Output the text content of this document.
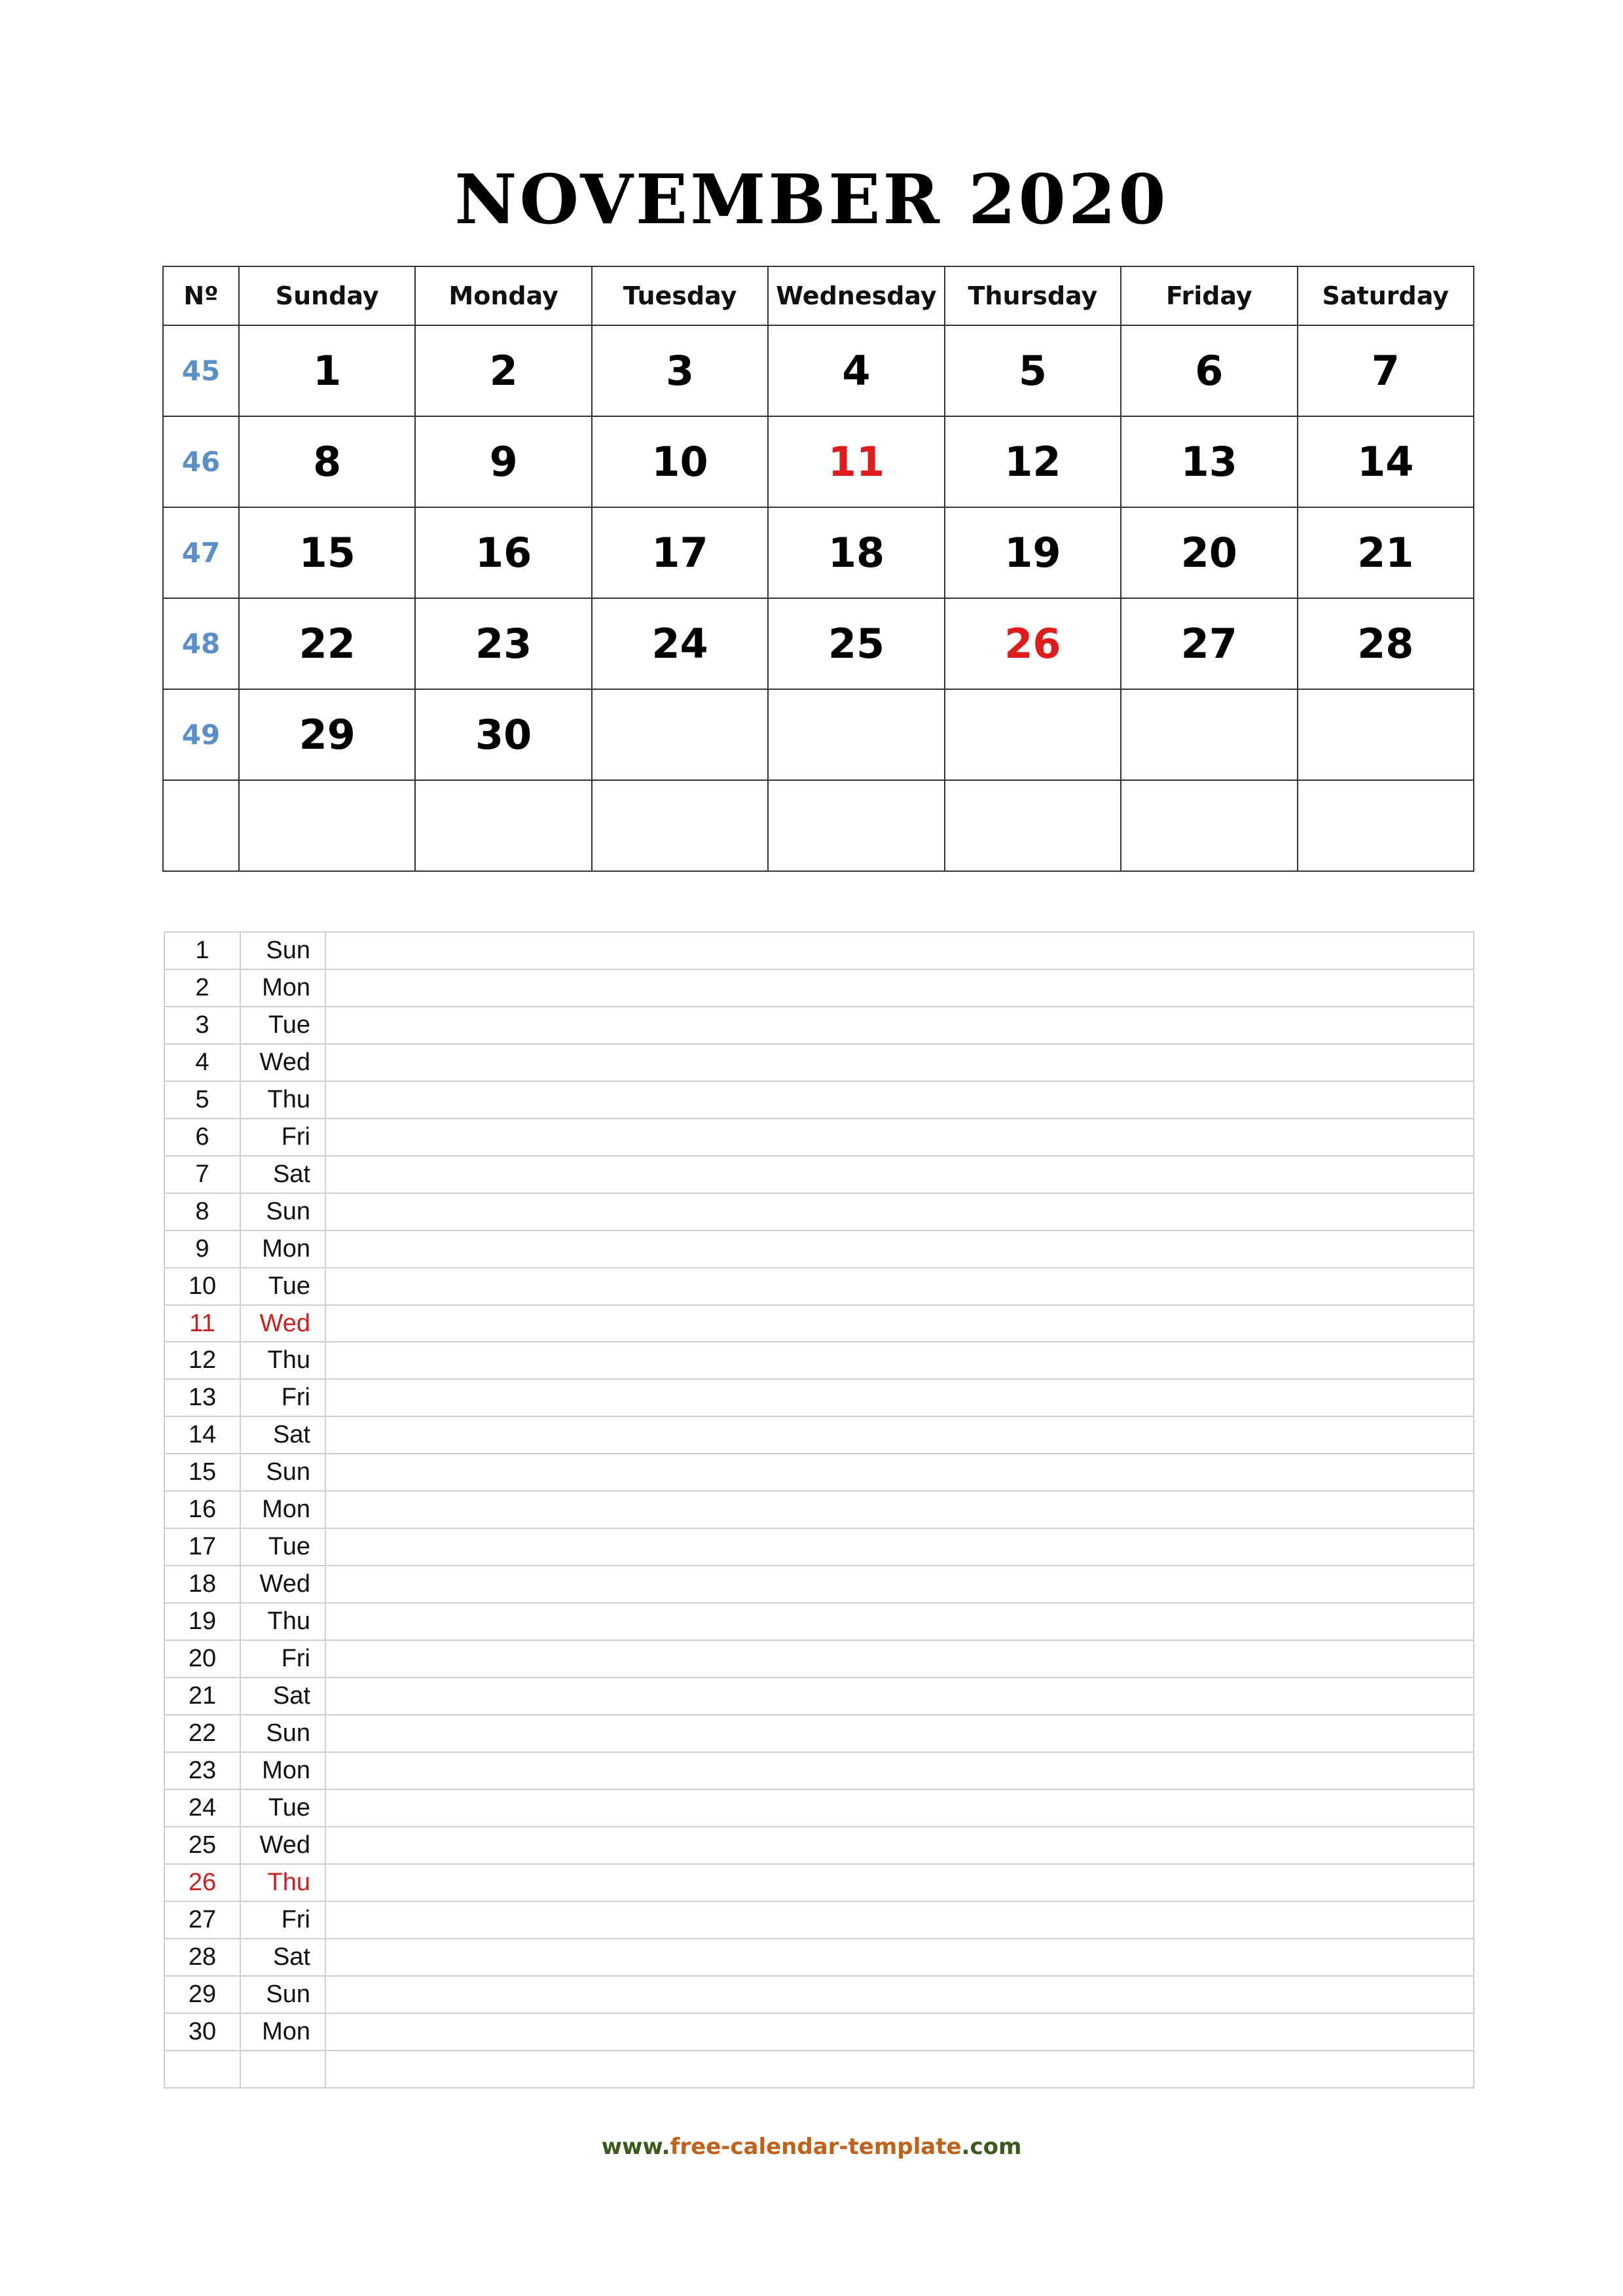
NOVEMBER 2020
Nº	Sunday	Monday	Tuesday	Wednesday	Thursday	Friday	Saturday
45	1	2	3	4	5	6	7
46	8	9	10	11	12	13	14
47	15	16	17	18	19	20	21
48	22	23	24	25	26	27	28
49	29	30					

1	Sun	
2	Mon	
3	Tue	
4	Wed	
5	Thu	
6	Fri	
7	Sat	
8	Sun	
9	Mon	
10	Tue	
11	Wed	
12	Thu	
13	Fri	
14	Sat	
15	Sun	
16	Mon	
17	Tue	
18	Wed	
19	Thu	
20	Fri	
21	Sat	
22	Sun	
23	Mon	
24	Tue	
25	Wed	
26	Thu	
27	Fri	
28	Sat	
29	Sun	
30	Mon	

www.free-calendar-template.com
